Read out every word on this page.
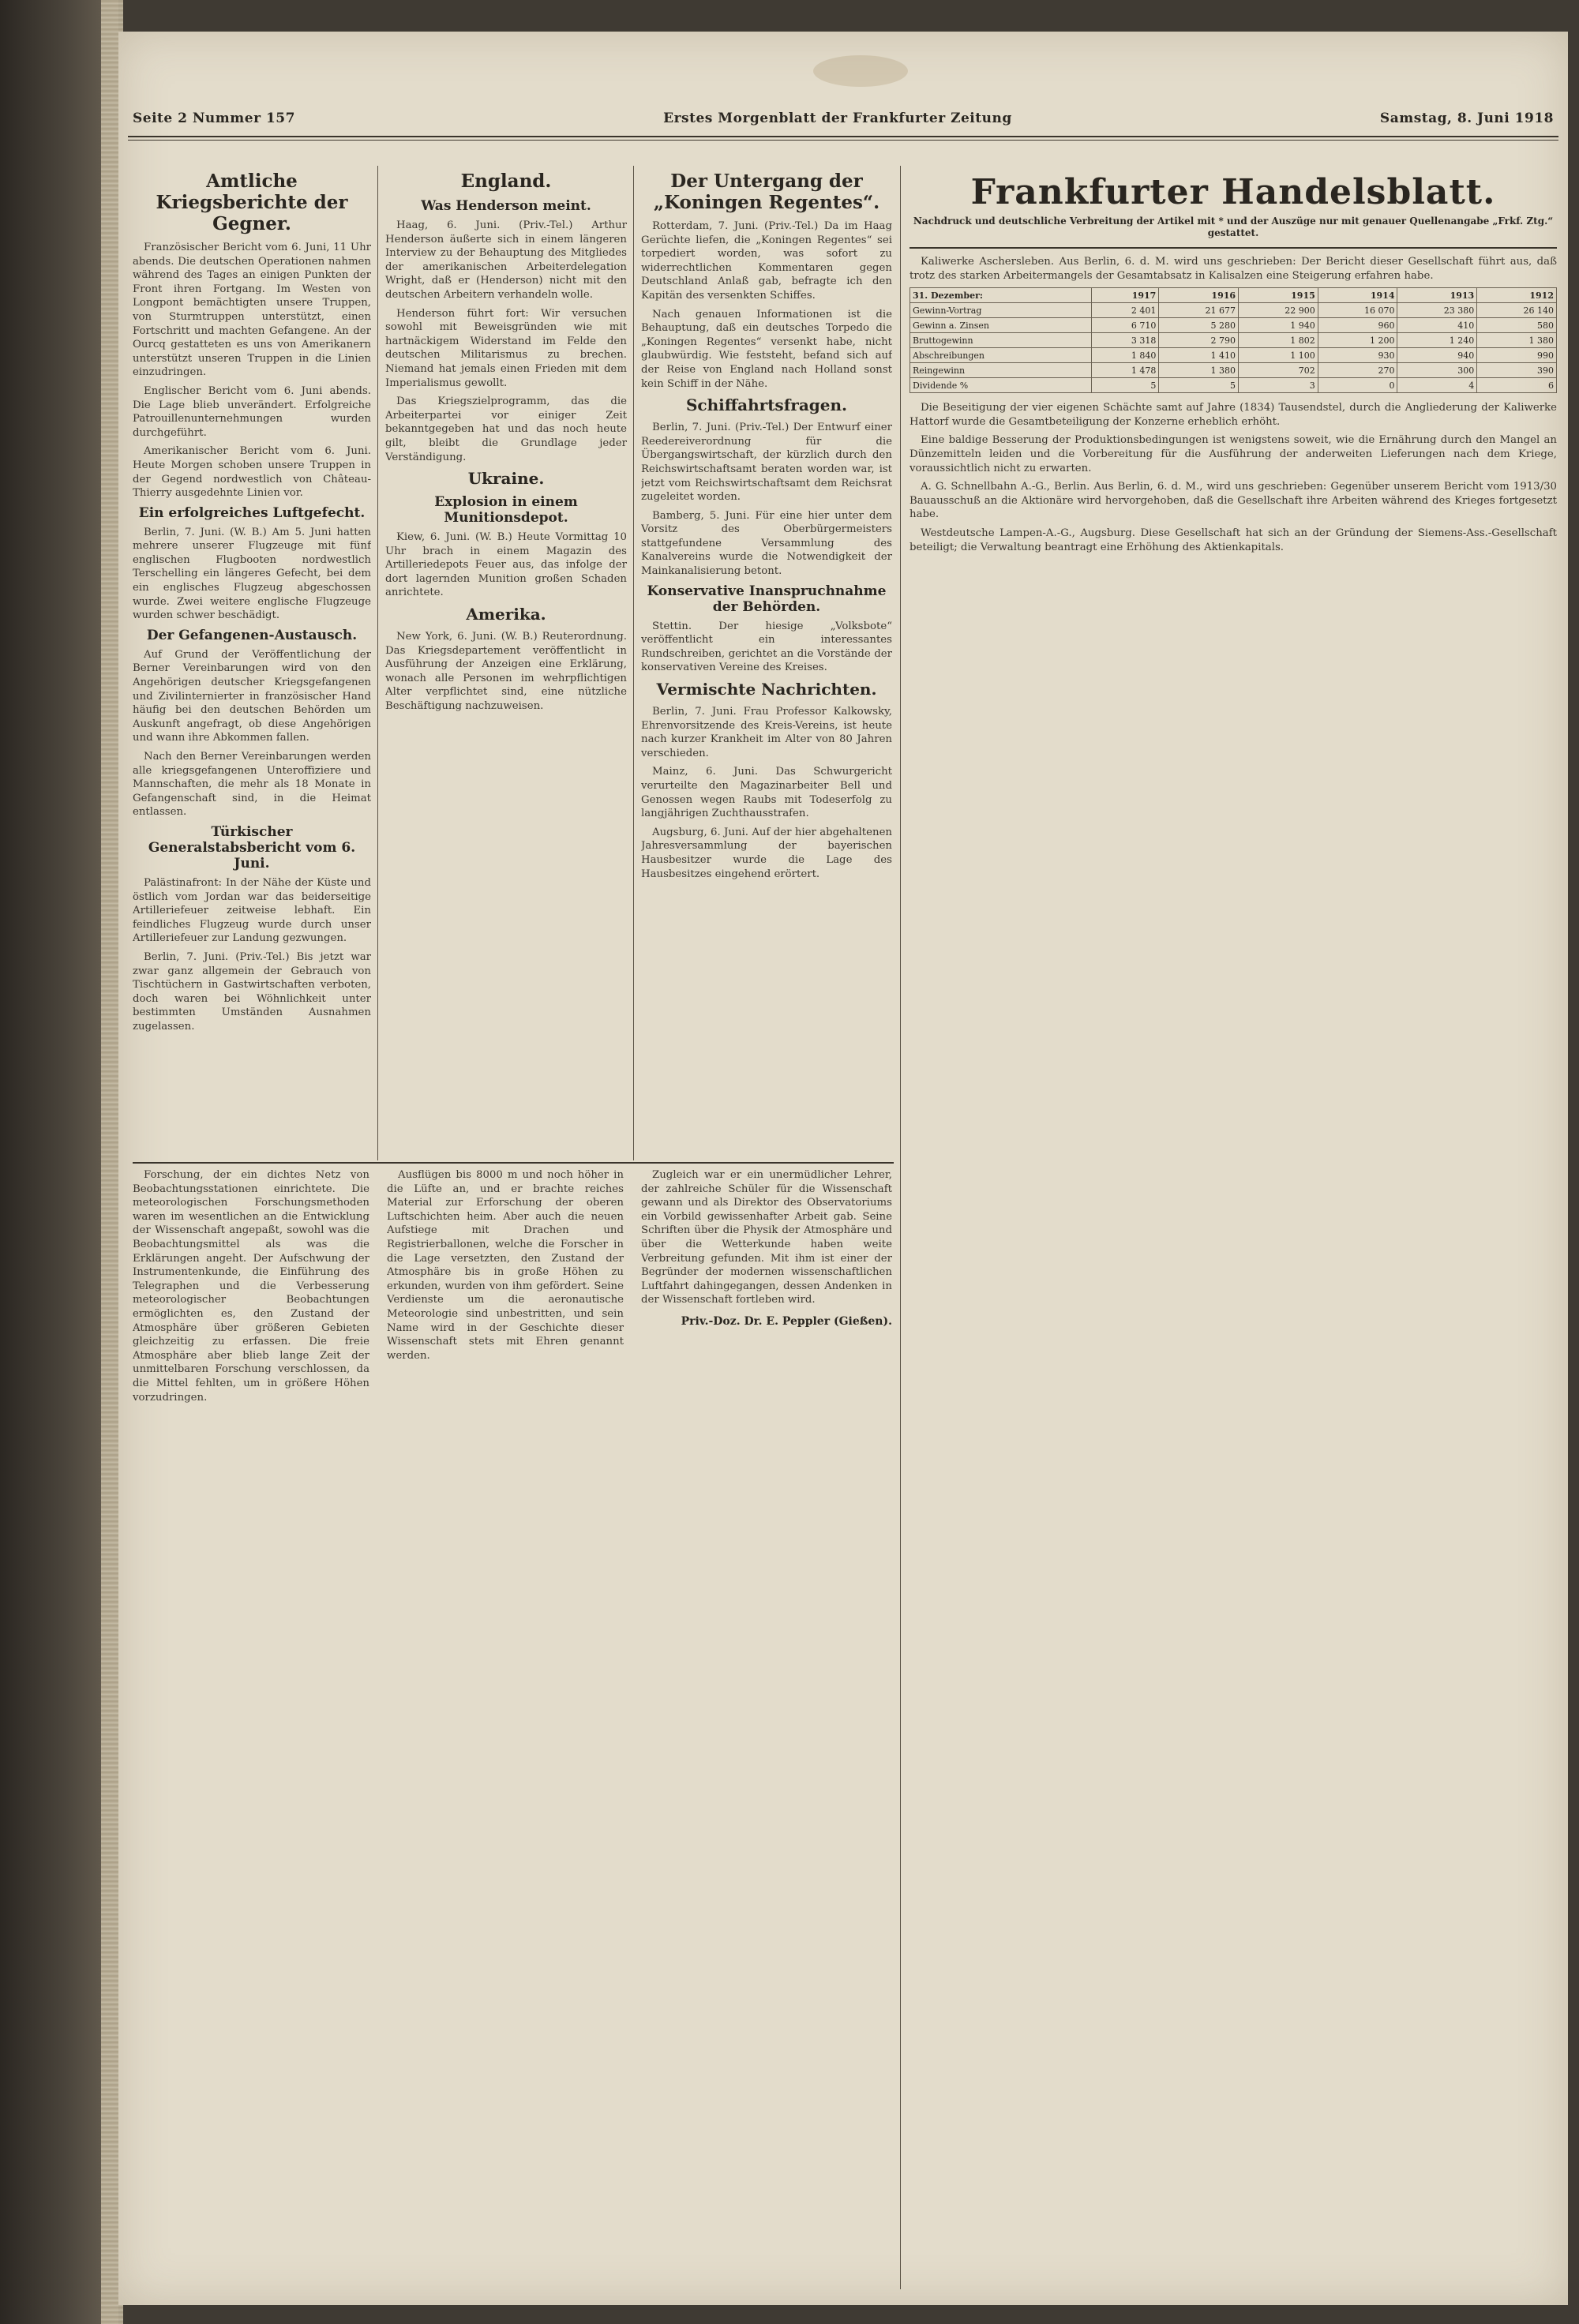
Seite 2 Nummer 157	Erstes Morgenblatt der Frankfurter Zeitung	Samstag, 8. Juni 1918
Amtliche Kriegsberichte der Gegner.

Französischer Bericht vom 6. Juni, 11 Uhr abends. Die deutschen Operationen nahmen während des Tages an einigen Punkten der Front ihren Fortgang. Im Westen von Longpont bemächtigten unsere Truppen, von Sturmtruppen unterstützt, einen Fortschritt und machten Gefangene. An der Ourcq gestatteten es uns von Amerikanern unterstützt unseren Truppen in die Linien einzudringen.

Englischer Bericht vom 6. Juni abends. Die Lage blieb unverändert. Erfolgreiche Patrouillenunternehmungen wurden durchgeführt.

Amerikanischer Bericht vom 6. Juni. Heute Morgen schoben unsere Truppen in der Gegend nordwestlich von Château-Thierry ausgedehnte Linien vor.

Ein erfolgreiches Luftgefecht.

Berlin, 7. Juni. (W. B.) Am 5. Juni hatten mehrere unserer Flugzeuge mit fünf englischen Flugbooten nordwestlich Terschelling ein längeres Gefecht, bei dem ein englisches Flugzeug abgeschossen wurde. Zwei weitere englische Flugzeuge wurden schwer beschädigt.

Der Gefangenen-Austausch.

Auf Grund der Veröffentlichung der Berner Vereinbarungen wird von den Angehörigen deutscher Kriegsgefangenen und Zivilinternierter in französischer Hand häufig bei den deutschen Behörden um Auskunft angefragt, ob diese Angehörigen und wann ihre Abkommen fallen.

Nach den Berner Vereinbarungen werden alle kriegsgefangenen Unteroffiziere und Mannschaften, die mehr als 18 Monate in Gefangenschaft sind, in die Heimat entlassen.

Türkischer Generalstabsbericht vom 6. Juni.

Palästinafront: In der Nähe der Küste und östlich vom Jordan war das beiderseitige Artilleriefeuer zeitweise lebhaft. Ein feindliches Flugzeug wurde durch unser Artilleriefeuer zur Landung gezwungen.

Berlin, 7. Juni. (Priv.-Tel.) Bis jetzt war zwar ganz allgemein der Gebrauch von Tischtüchern in Gastwirtschaften verboten, doch waren bei Wöhnlichkeit unter bestimmten Umständen Ausnahmen zugelassen.

England.
Was Henderson meint.

Haag, 6. Juni. (Priv.-Tel.) Arthur Henderson äußerte sich in einem längeren Interview zu der Behauptung des Mitgliedes der amerikanischen Arbeiterdelegation Wright, daß er (Henderson) nicht mit den deutschen Arbeitern verhandeln wolle.

Henderson führt fort: Wir versuchen sowohl mit Beweisgründen wie mit hartnäckigem Widerstand im Felde den deutschen Militarismus zu brechen. Niemand hat jemals einen Frieden mit dem Imperialismus gewollt.

Das Kriegszielprogramm, das die Arbeiterpartei vor einiger Zeit bekanntgegeben hat und das noch heute gilt, bleibt die Grundlage jeder Verständigung.

Ukraine.
Explosion in einem Munitionsdepot.

Kiew, 6. Juni. (W. B.) Heute Vormittag 10 Uhr brach in einem Magazin des Artilleriedepots Feuer aus, das infolge der dort lagernden Munition großen Schaden anrichtete.

Amerika.

New York, 6. Juni. (W. B.) Reuterordnung. Das Kriegsdepartement veröffentlicht in Ausführung der Anzeigen eine Erklärung, wonach alle Personen im wehrpflichtigen Alter verpflichtet sind, eine nützliche Beschäftigung nachzuweisen.

Der Untergang der „Koningen Regentes“.

Rotterdam, 7. Juni. (Priv.-Tel.) Da im Haag Gerüchte liefen, die „Koningen Regentes“ sei torpediert worden, was sofort zu widerrechtlichen Kommentaren gegen Deutschland Anlaß gab, befragte ich den Kapitän des versenkten Schiffes.

Nach genauen Informationen ist die Behauptung, daß ein deutsches Torpedo die „Koningen Regentes“ versenkt habe, nicht glaubwürdig. Wie feststeht, befand sich auf der Reise von England nach Holland sonst kein Schiff in der Nähe.

Schiffahrtsfragen.

Berlin, 7. Juni. (Priv.-Tel.) Der Entwurf einer Reedereiverordnung für die Übergangswirtschaft, der kürzlich durch den Reichswirtschaftsamt beraten worden war, ist jetzt vom Reichswirtschaftsamt dem Reichsrat zugeleitet worden.

Bamberg, 5. Juni. Für eine hier unter dem Vorsitz des Oberbürgermeisters stattgefundene Versammlung des Kanalvereins wurde die Notwendigkeit der Mainkanalisierung betont.

Konservative Inanspruchnahme der Behörden.

Stettin. Der hiesige „Volksbote“ veröffentlicht ein interessantes Rundschreiben, gerichtet an die Vorstände der konservativen Vereine des Kreises.

Vermischte Nachrichten.

Berlin, 7. Juni. Frau Professor Kalkowsky, Ehrenvorsitzende des Kreis-Vereins, ist heute nach kurzer Krankheit im Alter von 80 Jahren verschieden.

Mainz, 6. Juni. Das Schwurgericht verurteilte den Magazinarbeiter Bell und Genossen wegen Raubs mit Todeserfolg zu langjährigen Zuchthausstrafen.

Augsburg, 6. Juni. Auf der hier abgehaltenen Jahresversammlung der bayerischen Hausbesitzer wurde die Lage des Hausbesitzes eingehend erörtert.

Frankfurter Handelsblatt.
Nachdruck und deutschliche Verbreitung der Artikel mit * und der Auszüge nur mit genauer Quellenangabe „Frkf. Ztg.“ gestattet.

Kaliwerke Aschersleben. Aus Berlin, 6. d. M. wird uns geschrieben: Der Bericht dieser Gesellschaft führt aus, daß trotz des starken Arbeitermangels der Gesamtabsatz in Kalisalzen eine Steigerung erfahren habe.

31. Dezember:	1917	1916	1915	1914	1913	1912
Gewinn-Vortrag	2 401	21 677	22 900	16 070	23 380	26 140
Gewinn a. Zinsen	6 710	5 280	1 940	960	410	580
Bruttogewinn	3 318	2 790	1 802	1 200	1 240	1 380
Abschreibungen	1 840	1 410	1 100	930	940	990
Reingewinn	1 478	1 380	702	270	300	390
Dividende %	5	5	3	0	4	6

Die Beseitigung der vier eigenen Schächte samt auf Jahre (1834) Tausendstel, durch die Angliederung der Kaliwerke Hattorf wurde die Gesamtbeteiligung der Konzerne erheblich erhöht.

Eine baldige Besserung der Produktionsbedingungen ist wenigstens soweit, wie die Ernährung durch den Mangel an Dünzemitteln leiden und die Vorbereitung für die Ausführung der anderweiten Lieferungen nach dem Kriege, voraussichtlich nicht zu erwarten.

A. G. Schnellbahn A.-G., Berlin. Aus Berlin, 6. d. M., wird uns geschrieben: Gegenüber unserem Bericht vom 1913/30 Bauausschuß an die Aktionäre wird hervorgehoben, daß die Gesellschaft ihre Arbeiten während des Krieges fortgesetzt habe.

Westdeutsche Lampen-A.-G., Augsburg. Diese Gesellschaft hat sich an der Gründung der Siemens-Ass.-Gesellschaft beteiligt; die Verwaltung beantragt eine Erhöhung des Aktienkapitals.

Forschung, der ein dichtes Netz von Beobachtungsstationen einrichtete. Die meteorologischen Forschungsmethoden waren im wesentlichen an die Entwicklung der Wissenschaft angepaßt, sowohl was die Beobachtungsmittel als was die Erklärungen angeht. Der Aufschwung der Instrumentenkunde, die Einführung des Telegraphen und die Verbesserung meteorologischer Beobachtungen ermöglichten es, den Zustand der Atmosphäre über größeren Gebieten gleichzeitig zu erfassen. Die freie Atmosphäre aber blieb lange Zeit der unmittelbaren Forschung verschlossen, da die Mittel fehlten, um in größere Höhen vorzudringen.

Ausflügen bis 8000 m und noch höher in die Lüfte an, und er brachte reiches Material zur Erforschung der oberen Luftschichten heim. Aber auch die neuen Aufstiege mit Drachen und Registrierballonen, welche die Forscher in die Lage versetzten, den Zustand der Atmosphäre bis in große Höhen zu erkunden, wurden von ihm gefördert. Seine Verdienste um die aeronautische Meteorologie sind unbestritten, und sein Name wird in der Geschichte dieser Wissenschaft stets mit Ehren genannt werden.

Zugleich war er ein unermüdlicher Lehrer, der zahlreiche Schüler für die Wissenschaft gewann und als Direktor des Observatoriums ein Vorbild gewissenhafter Arbeit gab. Seine Schriften über die Physik der Atmosphäre und über die Wetterkunde haben weite Verbreitung gefunden. Mit ihm ist einer der Begründer der modernen wissenschaftlichen Luftfahrt dahingegangen, dessen Andenken in der Wissenschaft fortleben wird.

Priv.-Doz. Dr. E. Peppler (Gießen).
